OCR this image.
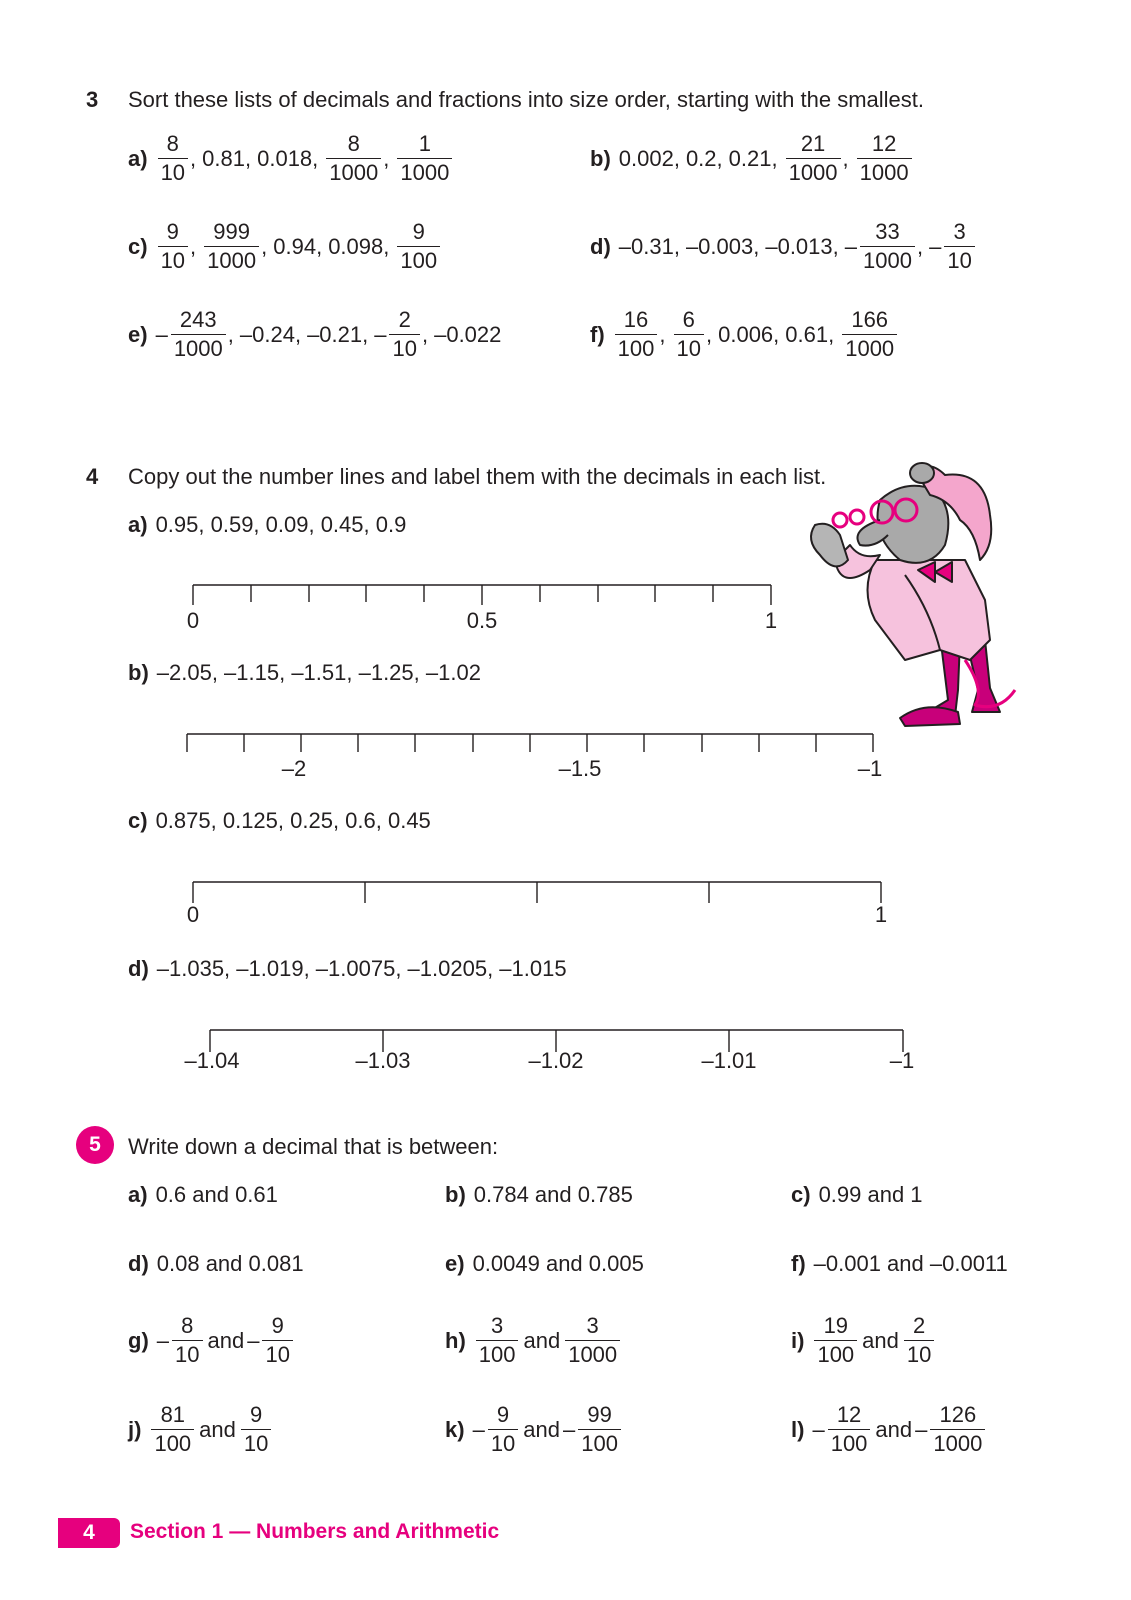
3 Sort these lists of decimals and fractions into size order, starting with the smallest.
$a) \frac{8}{10}$ , 0.81, 0.018, $\frac{8}{1000}$ , $\frac{1}{1000}$	b) 0.002, 0.2, 0.21, $\frac{21}{1000}$ , $\frac{12}{1000}$
$c) \frac{9}{10}$ , $\frac{999}{1000}$ , 0.94, 0.098, $\frac{9}{100}$	d) –0.31, –0.003, –0.013, – $\frac{33}{1000}$ , – $\frac{3}{10}$
$e) - \frac{243}{1000}$ , –0.24, –0.21, – $\frac{2}{10}$ , –0.022	$f) \frac{16}{100}$ , $\frac{6}{10}$ , 0.006, 0.61, $\frac{166}{1000}$
4 Copy out the number lines and label them with the decimals in each list.
a) 0.95, 0.59, 0.09, 0.45, 0.9
b) –2.05, –1.15, –1.51, –1.25, –1.02
c) 0.875, 0.125, 0.25, 0.6, 0.45
d) –1.035, –1.019, –1.0075, –1.0205, –1.015
0	0.5	1
–2	–1.5	–1
0	1
–1.04	–1.03	–1.02	–1.01	–1
5	Write down a decimal that is between:
a) 0.6 and 0.61	b) 0.784 and 0.785	c) 0.99 and 1
d) 0.08 and 0.081	e) 0.0049 and 0.005	f) –0.001 and –0.0011
$g) - \frac{8}{10}$ and – $\frac{9}{10}$	$h) \frac{3}{100}$ and $\frac{3}{1000}$	$i) \frac{19}{100}$ and $\frac{2}{10}$
$j) \frac{81}{100}$ and $\frac{9}{10}$	$k) - \frac{9}{10}$ and – $\frac{99}{100}$	$l) - \frac{12}{100}$ and – $\frac{126}{1000}$
4	Section 1 — Numbers and Arithmetic
